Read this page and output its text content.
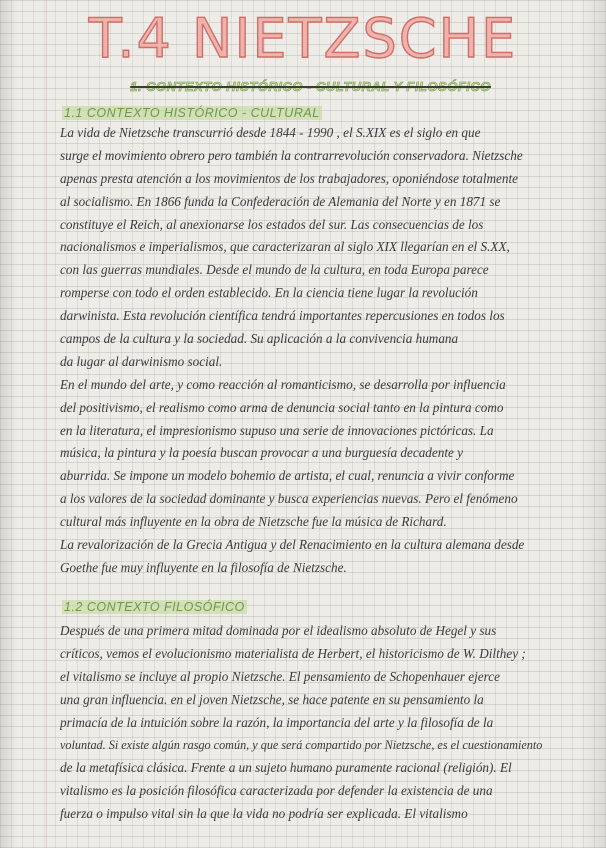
T.4 NIETZSCHE
1. CONTEXTO HISTÓRICO - CULTURAL Y FILOSÓFICO
1.1 CONTEXTO HISTÓRICO - CULTURAL
La vida de Nietzsche transcurrió desde 1844 - 1990 , el S.XIX es el siglo en que
surge el movimiento obrero pero también la contrarrevolución conservadora. Nietzsche
apenas presta atención a los movimientos de los trabajadores, oponiéndose totalmente
al socialismo. En 1866 funda la Confederación de Alemania del Norte y en 1871 se
constituye el Reich, al anexionarse los estados del sur. Las consecuencias de los
nacionalismos e imperialismos, que caracterizaran al siglo XIX llegarían en el S.XX,
con las guerras mundiales. Desde el mundo de la cultura, en toda Europa parece
romperse con todo el orden establecido. En la ciencia tiene lugar la revolución
darwinista. Esta revolución científica tendrá importantes repercusiones en todos los
campos de la cultura y la sociedad. Su aplicación a la convivencia humana
da lugar al darwinismo social.
En el mundo del arte, y como reacción al romanticismo, se desarrolla por influencia
del positivismo, el realismo como arma de denuncia social tanto en la pintura como
en la literatura, el impresionismo supuso una serie de innovaciones pictóricas. La
música, la pintura y la poesía buscan provocar a una burguesía decadente y
aburrida. Se impone un modelo bohemio de artista, el cual, renuncia a vivir conforme
a los valores de la sociedad dominante y busca experiencias nuevas. Pero el fenómeno
cultural más influyente en la obra de Nietzsche fue la música de Richard.
La revalorización de la Grecia Antigua y del Renacimiento en la cultura alemana desde
Goethe fue muy influyente en la filosofía de Nietzsche.
1.2 CONTEXTO FILOSÓFICO
Después de una primera mitad dominada por el idealismo absoluto de Hegel y sus
críticos, vemos el evolucionismo materialista de Herbert, el historicismo de W. Dilthey ;
el vitalismo se incluye al propio Nietzsche. El pensamiento de Schopenhauer ejerce
una gran influencia. en el joven Nietzsche, se hace patente en su pensamiento la
primacía de la intuición sobre la razón, la importancia del arte y la filosofía de la
voluntad. Si existe algún rasgo común, y que será compartido por Nietzsche, es el cuestionamiento
de la metafísica clásica. Frente a un sujeto humano puramente racional (religión). El
vitalismo es la posición filosófica caracterizada por defender la existencia de una
fuerza o impulso vital sin la que la vida no podría ser explicada. El vitalismo
